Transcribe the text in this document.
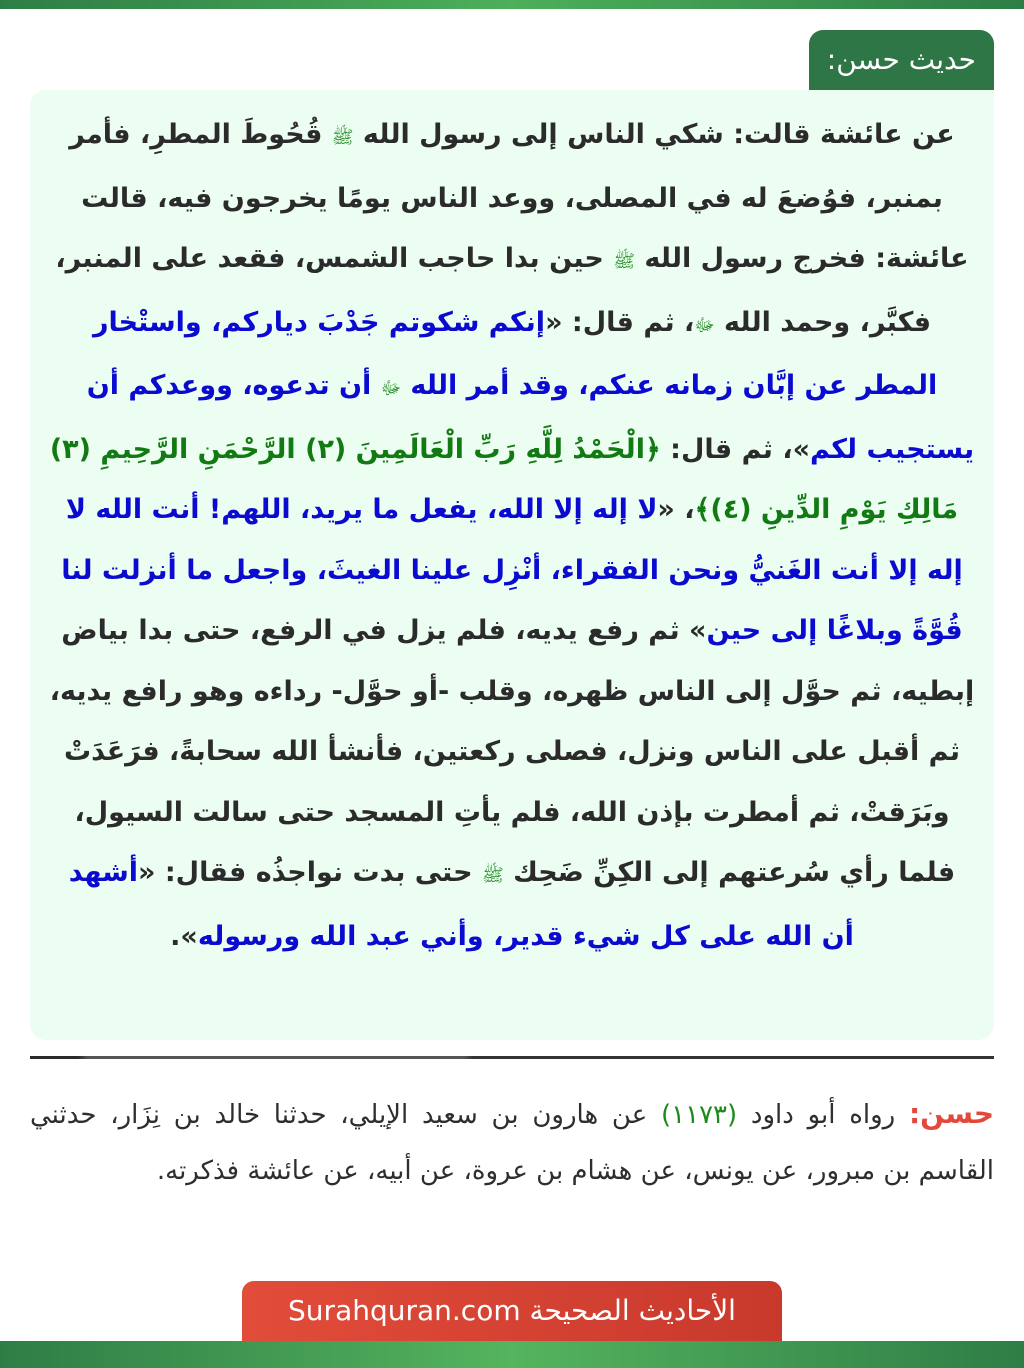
حديث حسن:
عن عائشة قالت: شكي الناس إلى رسول الله ﷺ قُحُوطَ المطرِ، فأمر بمنبر، فوُضعَ له في المصلى، ووعد الناس يومًا يخرجون فيه، قالت عائشة: فخرج رسول الله ﷺ حين بدا حاجب الشمس، فقعد على المنبر، فكبَّر، وحمد الله ﷻ، ثم قال: «إنكم شكوتم جَدْبَ دياركم، واستْخار المطر عن إبَّان زمانه عنكم، وقد أمر الله ﷻ أن تدعوه، ووعدكم أن يستجيب لكم»، ثم قال: ﴿الْحَمْدُ لِلَّهِ رَبِّ الْعَالَمِينَ (٢) الرَّحْمَنِ الرَّحِيمِ (٣) مَالِكِ يَوْمِ الدِّينِ (٤)﴾، «لا إله إلا الله، يفعل ما يريد، اللهم! أنت الله لا إله إلا أنت الغَنيُّ ونحن الفقراء، أنْزِل علينا الغيثَ، واجعل ما أنزلت لنا قُوَّةً وبلاغًا إلى حين» ثم رفع يديه، فلم يزل في الرفع، حتى بدا بياض إبطيه، ثم حوَّل إلى الناس ظهره، وقلب -أو حوَّل- رداءه وهو رافع يديه، ثم أقبل على الناس ونزل، فصلى ركعتين، فأنشأ الله سحابةً، فرَعَدَتْ وبَرَقتْ، ثم أمطرت بإذن الله، فلم يأتِ المسجد حتى سالت السيول، فلما رأي سُرعتهم إلى الكِنِّ ضَحِك ﷺ حتى بدت نواجذُه فقال: «أشهد أن الله على كل شيء قدير، وأني عبد الله ورسوله».
حسن: رواه أبو داود (١١٧٣) عن هارون بن سعيد الإيلي، حدثنا خالد بن نِزَار، حدثني القاسم بن مبرور، عن يونس، عن هشام بن عروة، عن أبيه، عن عائشة فذكرته.
الأحاديث الصحيحة Surahquran.com
